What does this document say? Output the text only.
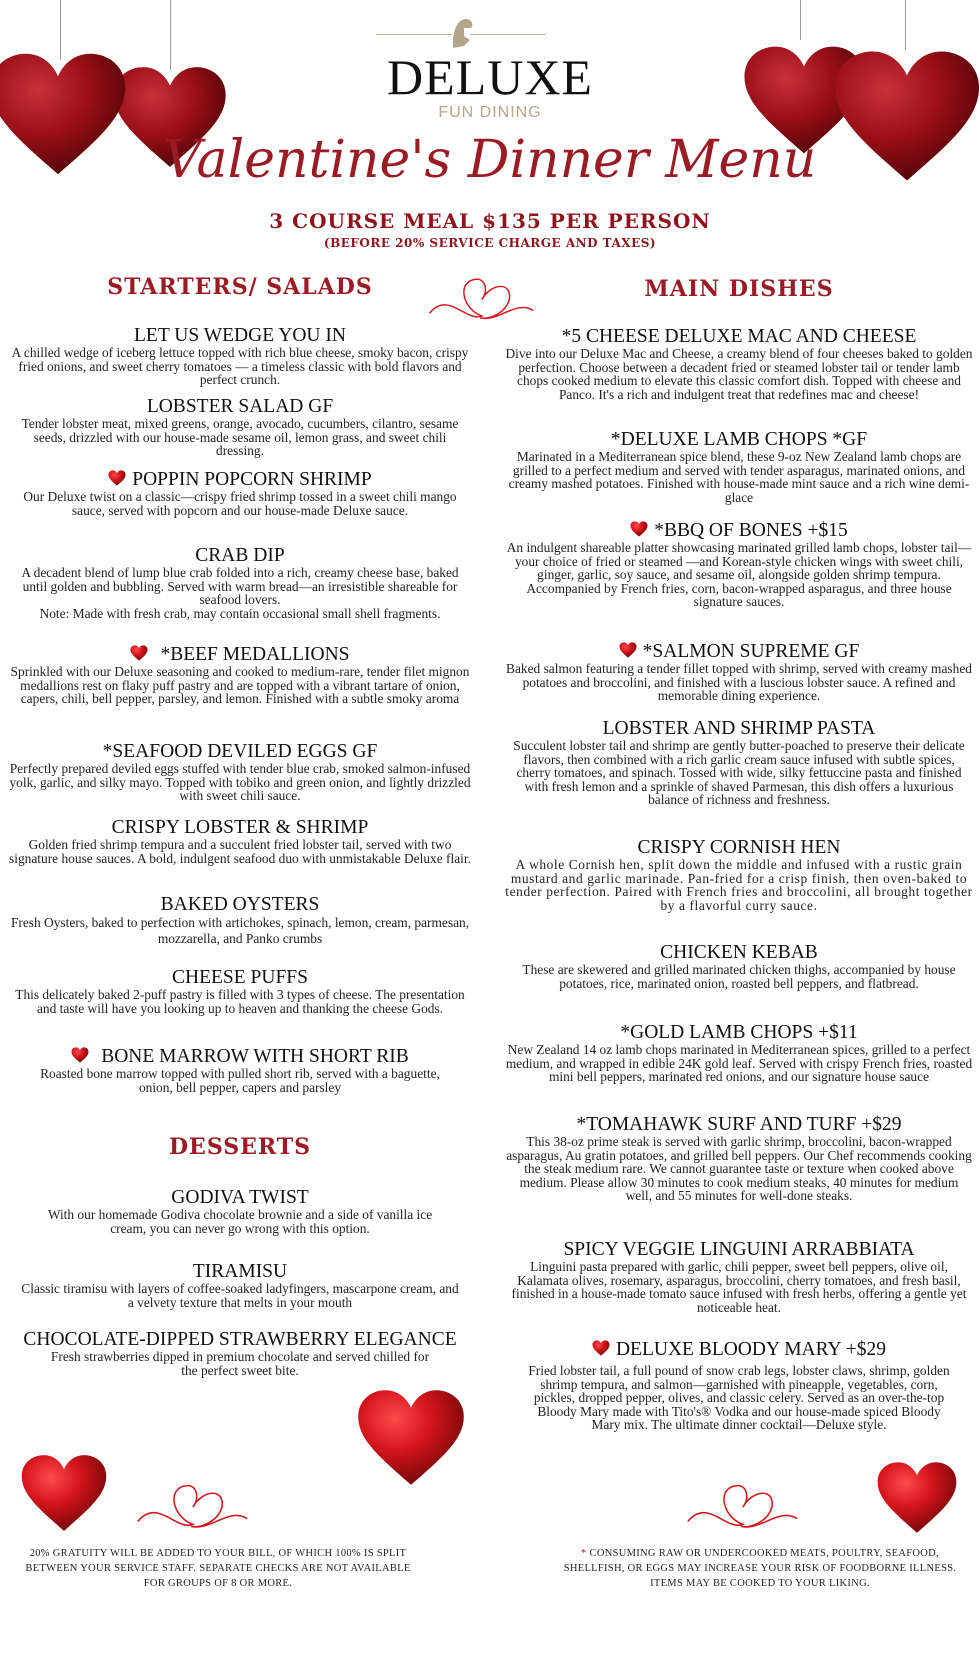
DELUXE
FUN DINING
Valentine's Dinner Menu
3 COURSE MEAL $135 PER PERSON
(BEFORE 20% SERVICE CHARGE AND TAXES)
STARTERS/ SALADS	MAIN DISHES
DESSERTS
LET US WEDGE YOU IN

A chilled wedge of iceberg lettuce topped with rich blue cheese, smoky bacon, crispy fried onions, and sweet cherry tomatoes — a timeless classic with bold flavors and perfect crunch.

LOBSTER SALAD GF

Tender lobster meat, mixed greens, orange, avocado, cucumbers, cilantro, sesame seeds, drizzled with our house-made sesame oil, lemon grass, and sweet chili dressing.

POPPIN POPCORN SHRIMP

Our Deluxe twist on a classic—crispy fried shrimp tossed in a sweet chili mango sauce, served with popcorn and our house-made Deluxe sauce.

CRAB DIP

A decadent blend of lump blue crab folded into a rich, creamy cheese base, baked until golden and bubbling. Served with warm bread—an irresistible shareable for seafood lovers.

Note: Made with fresh crab, may contain occasional small shell fragments.

*BEEF MEDALLIONS

Sprinkled with our Deluxe seasoning and cooked to medium-rare, tender filet mignon medallions rest on flaky puff pastry and are topped with a vibrant tartare of onion, capers, chili, bell pepper, parsley, and lemon. Finished with a subtle smoky aroma

*SEAFOOD DEVILED EGGS GF

Perfectly prepared deviled eggs stuffed with tender blue crab, smoked salmon-infused yolk, garlic, and silky mayo. Topped with tobiko and green onion, and lightly drizzled with sweet chili sauce.

CRISPY LOBSTER & SHRIMP

Golden fried shrimp tempura and a succulent fried lobster tail, served with two signature house sauces. A bold, indulgent seafood duo with unmistakable Deluxe flair.

BAKED OYSTERS

Fresh Oysters, baked to perfection with artichokes, spinach, lemon, cream, parmesan, mozzarella, and Panko crumbs

CHEESE PUFFS

This delicately baked 2-puff pastry is filled with 3 types of cheese. The presentation and taste will have you looking up to heaven and thanking the cheese Gods.

BONE MARROW WITH SHORT RIB

Roasted bone marrow topped with pulled short rib, served with a baguette, onion, bell pepper, capers and parsley

GODIVA TWIST

With our homemade Godiva chocolate brownie and a side of vanilla ice cream, you can never go wrong with this option.

TIRAMISU

Classic tiramisu with layers of coffee-soaked ladyfingers, mascarpone cream, and a velvety texture that melts in your mouth

CHOCOLATE-DIPPED STRAWBERRY ELEGANCE

Fresh strawberries dipped in premium chocolate and served chilled for the perfect sweet bite.

*5 CHEESE DELUXE MAC AND CHEESE

Dive into our Deluxe Mac and Cheese, a creamy blend of four cheeses baked to golden perfection. Choose between a decadent fried or steamed lobster tail or tender lamb chops cooked medium to elevate this classic comfort dish. Topped with cheese and Panco. It's a rich and indulgent treat that redefines mac and cheese!

*DELUXE LAMB CHOPS *GF

Marinated in a Mediterranean spice blend, these 9-oz New Zealand lamb chops are grilled to a perfect medium and served with tender asparagus, marinated onions, and creamy mashed potatoes. Finished with house-made mint sauce and a rich wine demi-glace

*BBQ OF BONES +$15

An indulgent shareable platter showcasing marinated grilled lamb chops, lobster tail—your choice of fried or steamed —and Korean-style chicken wings with sweet chili, ginger, garlic, soy sauce, and sesame oil, alongside golden shrimp tempura. Accompanied by French fries, corn, bacon-wrapped asparagus, and three house signature sauces.

*SALMON SUPREME GF

Baked salmon featuring a tender fillet topped with shrimp, served with creamy mashed potatoes and broccolini, and finished with a luscious lobster sauce. A refined and memorable dining experience.

LOBSTER AND SHRIMP PASTA

Succulent lobster tail and shrimp are gently butter-poached to preserve their delicate flavors, then combined with a rich garlic cream sauce infused with subtle spices, cherry tomatoes, and spinach. Tossed with wide, silky fettuccine pasta and finished with fresh lemon and a sprinkle of shaved Parmesan, this dish offers a luxurious balance of richness and freshness.

CRISPY CORNISH HEN

A whole Cornish hen, split down the middle and infused with a rustic grain mustard and garlic marinade. Pan-fried for a crisp finish, then oven-baked to tender perfection. Paired with French fries and broccolini, all brought together by a flavorful curry sauce.

CHICKEN KEBAB

These are skewered and grilled marinated chicken thighs, accompanied by house potatoes, rice, marinated onion, roasted bell peppers, and flatbread.

*GOLD LAMB CHOPS +$11

New Zealand 14 oz lamb chops marinated in Mediterranean spices, grilled to a perfect medium, and wrapped in edible 24K gold leaf. Served with crispy French fries, roasted mini bell peppers, marinated red onions, and our signature house sauce

*TOMAHAWK SURF AND TURF +$29

This 38-oz prime steak is served with garlic shrimp, broccolini, bacon-wrapped asparagus, Au gratin potatoes, and grilled bell peppers. Our Chef recommends cooking the steak medium rare. We cannot guarantee taste or texture when cooked above medium. Please allow 30 minutes to cook medium steaks, 40 minutes for medium well, and 55 minutes for well-done steaks.

SPICY VEGGIE LINGUINI ARRABBIATA

Linguini pasta prepared with garlic, chili pepper, sweet bell peppers, olive oil, Kalamata olives, rosemary, asparagus, broccolini, cherry tomatoes, and fresh basil, finished in a house-made tomato sauce infused with fresh herbs, offering a gentle yet noticeable heat.

DELUXE BLOODY MARY +$29

Fried lobster tail, a full pound of snow crab legs, lobster claws, shrimp, golden shrimp tempura, and salmon—garnished with pineapple, vegetables, corn, pickles, dropped pepper, olives, and classic celery. Served as an over-the-top Bloody Mary made with Tito's® Vodka and our house-made spiced Bloody Mary mix. The ultimate dinner cocktail—Deluxe style.

20% GRATUITY WILL BE ADDED TO YOUR BILL, OF WHICH 100% IS SPLIT BETWEEN YOUR SERVICE STAFF. SEPARATE CHECKS ARE NOT AVAILABLE FOR GROUPS OF 8 OR MORE.
* CONSUMING RAW OR UNDERCOOKED MEATS, POULTRY, SEAFOOD, SHELLFISH, OR EGGS MAY INCREASE YOUR RISK OF FOODBORNE ILLNESS. ITEMS MAY BE COOKED TO YOUR LIKING.
